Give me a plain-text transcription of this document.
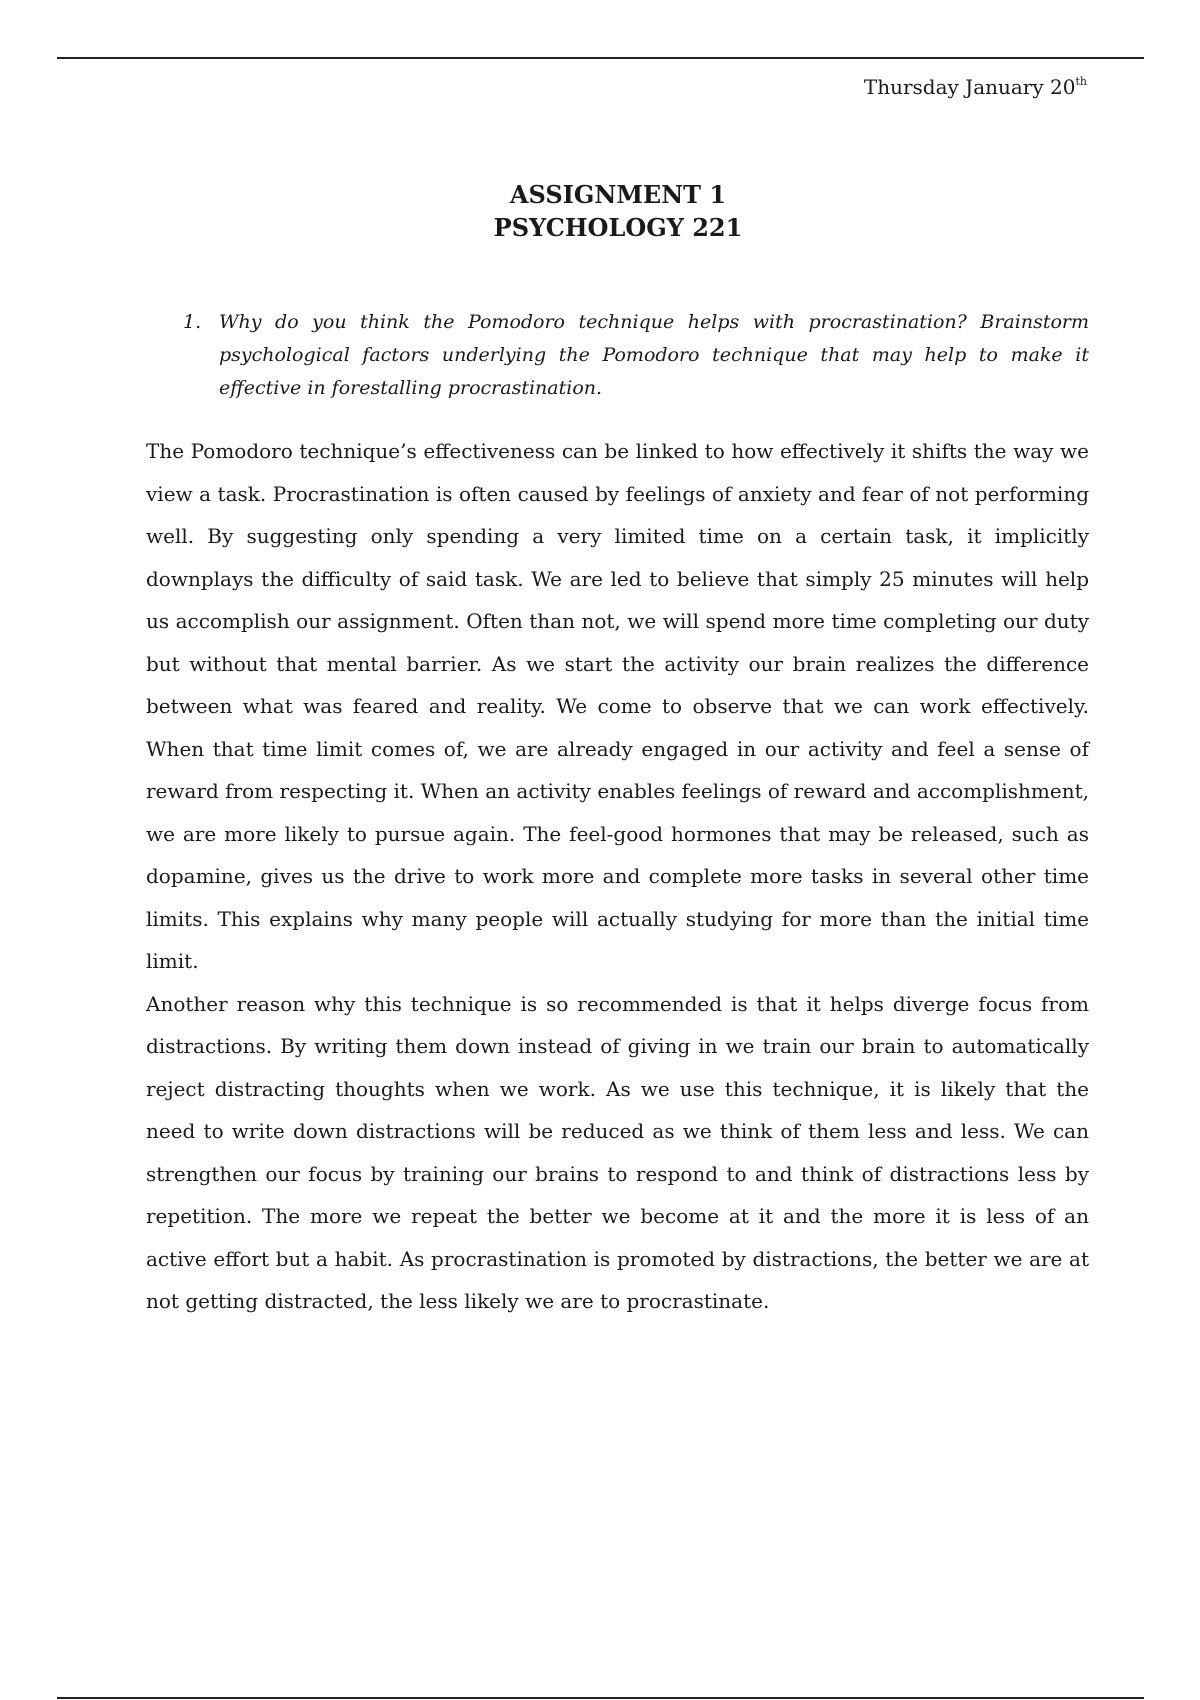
Thursday January 20th
ASSIGNMENT 1
PSYCHOLOGY 221
1. Why do you think the Pomodoro technique helps with procrastination? Brainstorm psychological factors underlying the Pomodoro technique that may help to make it effective in forestalling procrastination.

The Pomodoro technique’s effectiveness can be linked to how effectively it shifts the way we view a task. Procrastination is often caused by feelings of anxiety and fear of not performing well. By suggesting only spending a very limited time on a certain task, it implicitly downplays the difficulty of said task. We are led to believe that simply 25 minutes will help us accomplish our assignment. Often than not, we will spend more time completing our duty but without that mental barrier. As we start the activity our brain realizes the difference between what was feared and reality. We come to observe that we can work effectively. When that time limit comes of, we are already engaged in our activity and feel a sense of reward from respecting it. When an activity enables feelings of reward and accomplishment, we are more likely to pursue again. The feel-good hormones that may be released, such as dopamine, gives us the drive to work more and complete more tasks in several other time limits. This explains why many people will actually studying for more than the initial time limit.

Another reason why this technique is so recommended is that it helps diverge focus from distractions. By writing them down instead of giving in we train our brain to automatically reject distracting thoughts when we work. As we use this technique, it is likely that the need to write down distractions will be reduced as we think of them less and less. We can strengthen our focus by training our brains to respond to and think of distractions less by repetition. The more we repeat the better we become at it and the more it is less of an active effort but a habit. As procrastination is promoted by distractions, the better we are at not getting distracted, the less likely we are to procrastinate.
